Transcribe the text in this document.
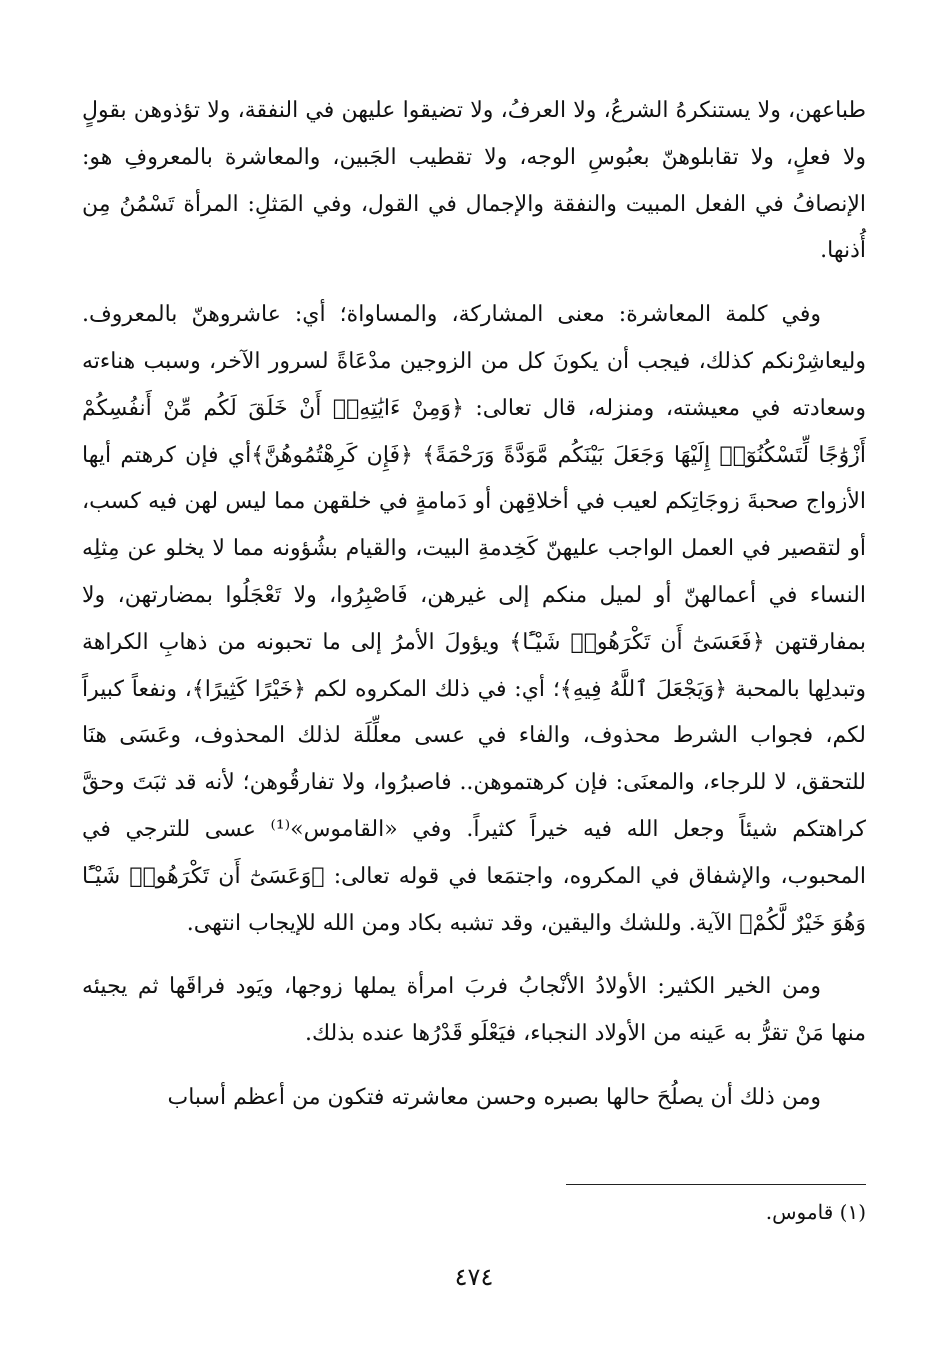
طباعهن، ولا يستنكرهُ الشرعُ، ولا العرفُ، ولا تضيقوا عليهن في النفقة، ولا تؤذوهن بقولٍ ولا فعلٍ، ولا تقابلوهنّ بعبُوسِ الوجه، ولا تقطيب الجَبين، والمعاشرة بالمعروفِ هو: الإنصافُ في الفعل المبيت والنفقة والإجمال في القول، وفي المَثلِ: المرأة تَسْمُنُ مِن أُذنها.

وفي كلمة المعاشرة: معنى المشاركة، والمساواة؛ أي: عاشروهنّ بالمعروف. وليعاشِرْنكم كذلك، فيجب أن يكونَ كل من الزوجين مدْعَاةً لسرور الآخر، وسبب هناءته وسعادته في معيشته، ومنزله، قال تعالى: ﴿وَمِنْ ءَايَٰتِهِۦٓ أَنْ خَلَقَ لَكُم مِّنْ أَنفُسِكُمْ أَزْوَٰجًا لِّتَسْكُنُوٓا۟ إِلَيْهَا وَجَعَلَ بَيْنَكُم مَّوَدَّةً وَرَحْمَةً﴾ ﴿فَإِن كَرِهْتُمُوهُنَّ﴾أي فإن كرهتم أيها الأزواج صحبةَ زوجَاتِكم لعيب في أخلاقِهن أو دَمامةٍ في خلقهن مما ليس لهن فيه كسب، أو لتقصير في العمل الواجب عليهنّ كَخِدمةِ البيت، والقيام بشُؤونه مما لا يخلو عن مِثلِه النساء في أعمالهنّ أو لميل منكم إلى غيرهن، فَاصْبِرُوا، ولا تَعْجَلُوا بمضارتهن، ولا بمفارقتهن ﴿فَعَسَىٰٓ أَن تَكْرَهُوا۟ شَيْـًٔا﴾ ويؤولَ الأمرُ إلى ما تحبونه من ذهابِ الكراهة وتبدلِها بالمحبة ﴿وَيَجْعَلَ ٱللَّهُ فِيهِ﴾؛ أي: في ذلك المكروه لكم ﴿خَيْرًا كَثِيرًا﴾، ونفعاً كبيراً لكم، فجواب الشرط محذوف، والفاء في عسى معلِّلَة لذلك المحذوف، وعَسَى هنَا للتحقق، لا للرجاء، والمعنَى: فإن كرهتموهن.. فاصبرُوا، ولا تفارقُوهن؛ لأنه قد ثبَتَ وحقَّ كراهتكم شيئاً وجعل الله فيه خيراً كثيراً. وفي «القاموس»⁽¹⁾ عسى للترجي في المحبوب، والإشفاق في المكروه، واجتمَعا في قوله تعالى: ﴿وَعَسَىٰٓ أَن تَكْرَهُوا۟ شَيْـًٔا وَهُوَ خَيْرٌ لَّكُمْ﴾ الآية. وللشك واليقين، وقد تشبه بكاد ومن الله للإيجاب انتهى.

ومن الخير الكثير: الأولادُ الأنْجابُ فربَ امرأة يملها زوجها، ويَود فراقَها ثم يجيئه منها مَنْ تقرُّ به عَينه من الأولاد النجباء، فيَعْلَو قَدْرُها عنده بذلك.

ومن ذلك أن يصلُحَ حالها بصبره وحسن معاشرته فتكون من أعظم أسباب

(١) قاموس.

٤٧٤
